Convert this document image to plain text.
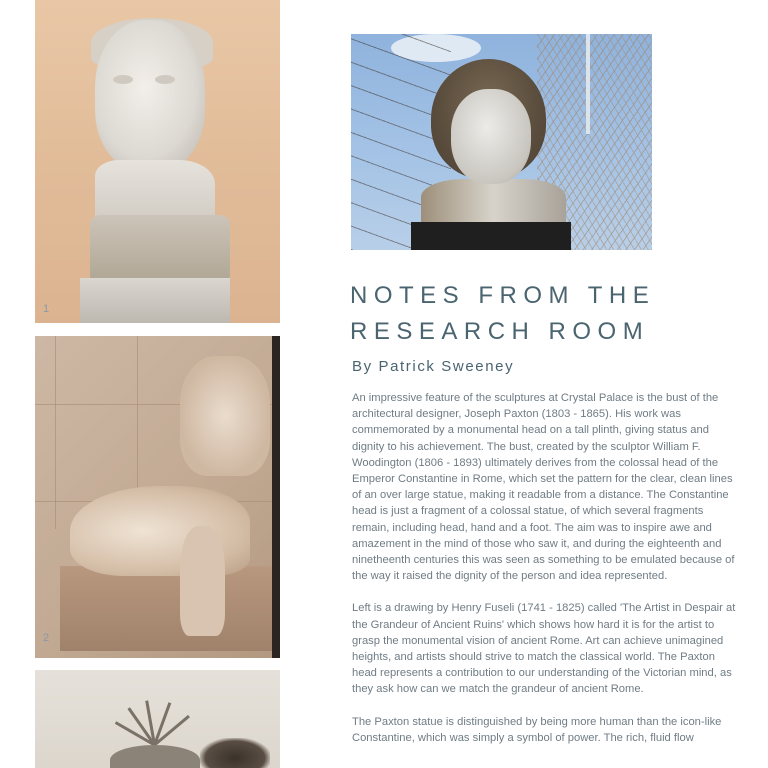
1
2
NOTES FROM THE
RESEARCH ROOM

By Patrick Sweeney

An impressive feature of the sculptures at Crystal Palace is the bust of the architectural designer, Joseph Paxton (1803 - 1865). His work was commemorated by a monumental head on a tall plinth, giving status and dignity to his achievement. The bust, created by the sculptor William F. Woodington (1806 - 1893) ultimately derives from the colossal head of the Emperor Constantine in Rome, which set the pattern for the clear, clean lines of an over large statue, making it readable from a distance. The Constantine head is just a fragment of a colossal statue, of which several fragments remain, including head, hand and a foot. The aim was to inspire awe and amazement in the mind of those who saw it, and during the eighteenth and ninetheenth centuries this was seen as something to be emulated because of the way it raised the dignity of the person and idea represented.

Left is a drawing by Henry Fuseli (1741 - 1825) called 'The Artist in Despair at the Grandeur of Ancient Ruins' which shows how hard it is for the artist to grasp the monumental vision of ancient Rome. Art can achieve unimagined heights, and artists should strive to match the classical world. The Paxton head represents a contribution to our understanding of the Victorian mind, as they ask how can we match the grandeur of ancient Rome.

The Paxton statue is distinguished by being more human than the icon-like Constantine, which was simply a symbol of power. The rich, fluid flow
